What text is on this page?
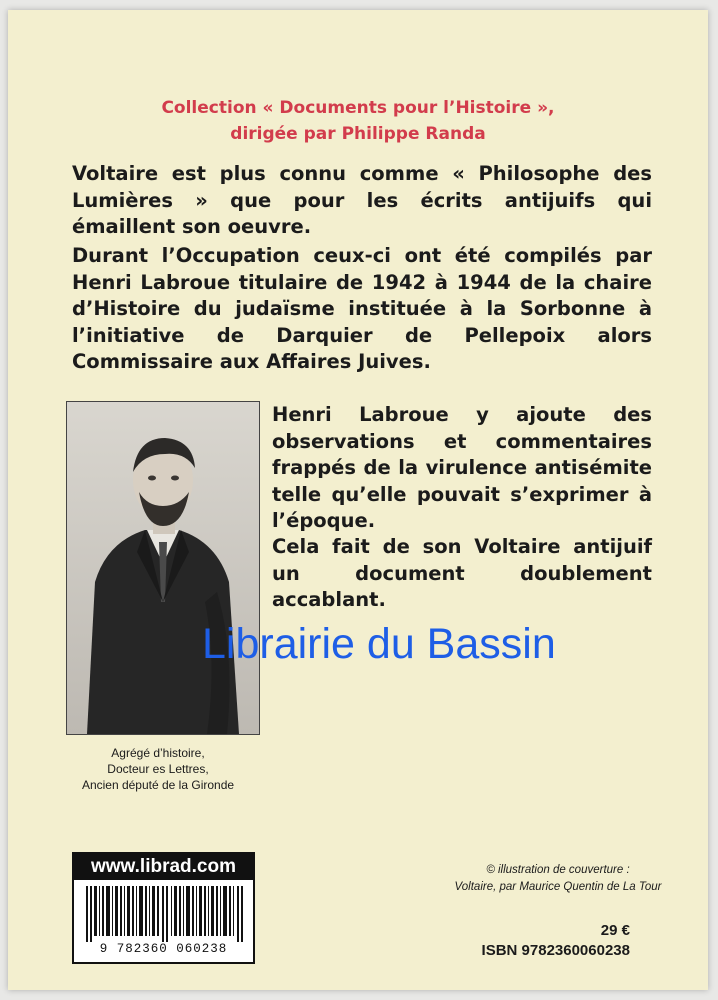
Collection « Documents pour l’Histoire »,
dirigée par Philippe Randa

Voltaire est plus connu comme « Philosophe des Lumières » que pour les écrits antijuifs qui émaillent son oeuvre.

Durant l’Occupation ceux-ci ont été compilés par Henri Labroue titulaire de 1942 à 1944 de la chaire d’Histoire du judaïsme instituée à la Sorbonne à l’initiative de Darquier de Pellepoix alors Commissaire aux Affaires Juives.

Henri Labroue y ajoute des observations et commentaires frappés de la virulence antisémite telle qu’elle pouvait s’exprimer à l’époque.

Cela fait de son Voltaire antijuif un document doublement accablant.

Agrégé d’histoire,
Docteur es Lettres,
Ancien député de la Gironde
Librairie du Bassin
www.librad.com
9 782360 060238
© illustration de couverture :
Voltaire, par Maurice Quentin de La Tour
29 €
ISBN 9782360060238
